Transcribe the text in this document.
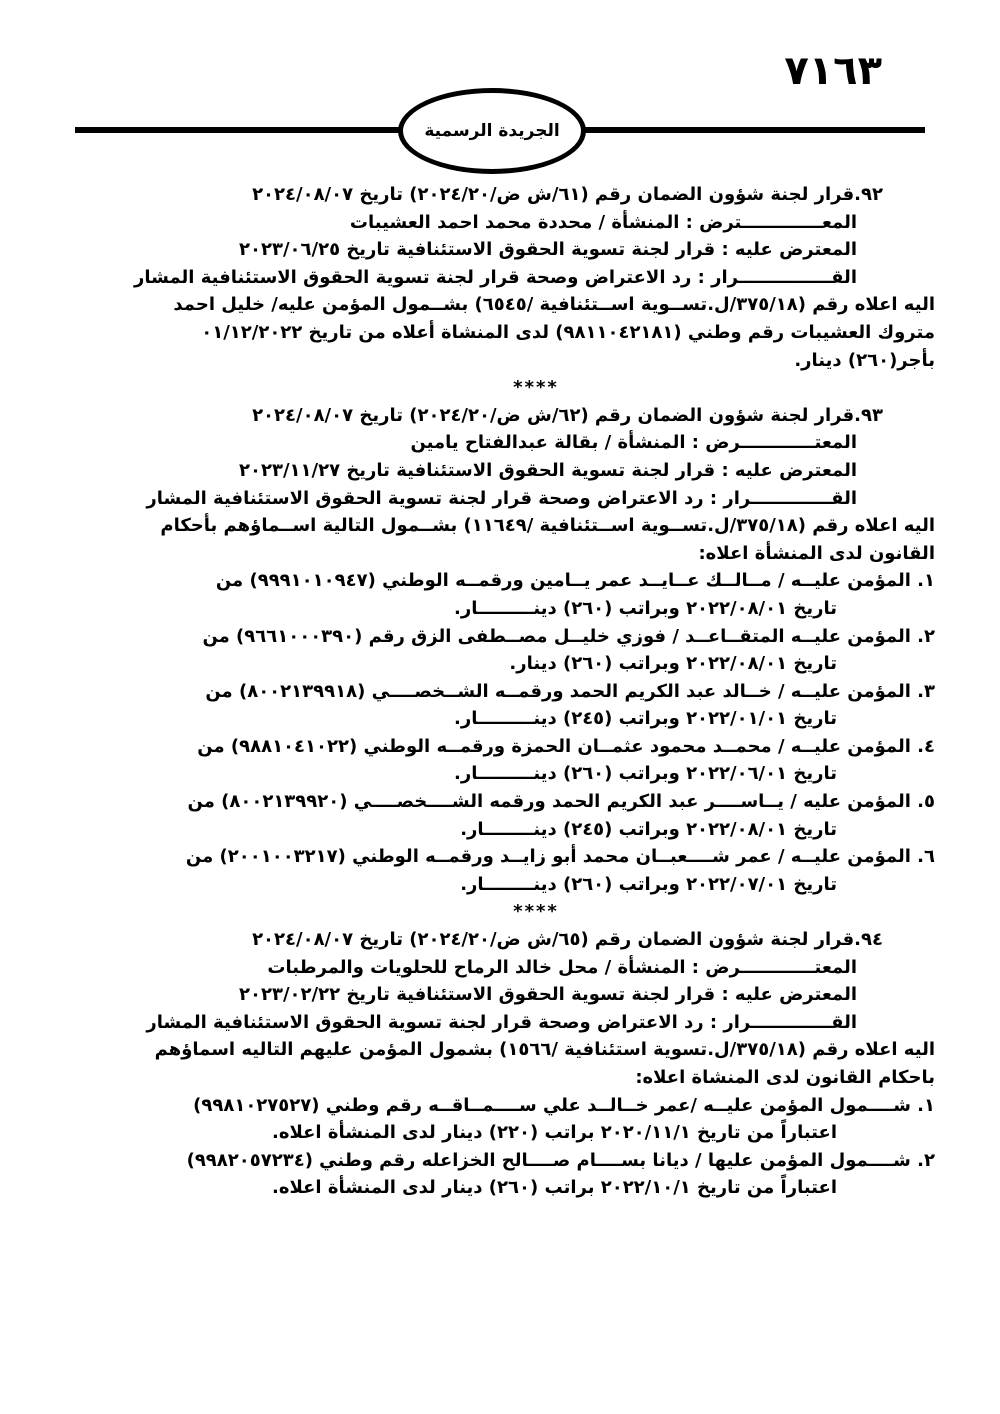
٧١٦٣
الجريدة الرسمية
٩٢.قرار لجنة شؤون الضمان رقم (٦١/ش ض/٢٠٢٤/٢٠) تاريخ ٢٠٢٤/٠٨/٠٧
المعـــــــــــــترض : المنشأة / محددة محمد احمد العشيبات
المعترض عليه : قرار لجنة تسوية الحقوق الاستئنافية تاريخ ٢٠٢٣/٠٦/٢٥
القـــــــــــــــرار : رد الاعتراض وصحة قرار لجنة تسوية الحقوق الاستئنافية المشار
اليه اعلاه رقم (٣٧٥/١٨/ل.تســوية اســتئنافية /٦٥٤٥) بشــمول المؤمن عليه/ خليل احمد
متروك العشيبات رقم وطني (٩٨١١٠٤٢١٨١) لدى المنشاة أعلاه من تاريخ ٠١/١٢/٢٠٢٢
بأجر(٢٦٠) دينار.
****
٩٣.قرار لجنة شؤون الضمان رقم (٦٢/ش ض/٢٠٢٤/٢٠) تاريخ ٢٠٢٤/٠٨/٠٧
المعتــــــــــــرض : المنشأة / بقالة عبدالفتاح يامين
المعترض عليه : قرار لجنة تسوية الحقوق الاستئنافية تاريخ ٢٠٢٣/١١/٢٧
القـــــــــــــرار : رد الاعتراض وصحة قرار لجنة تسوية الحقوق الاستئنافية المشار
اليه اعلاه رقم (٣٧٥/١٨/ل.تســوية اســتئنافية /١١٦٤٩) بشــمول التالية اســماؤهم بأحكام
القانون لدى المنشأة اعلاه:
١. المؤمن عليــه / مــالــك عــايــد عمر يــامين ورقمــه الوطني (٩٩٩١٠١٠٩٤٧) من
تاريخ ٢٠٢٢/٠٨/٠١ وبراتب (٢٦٠) دينـــــــــار.
٢. المؤمن عليــه المتقــاعــد / فوزي خليــل مصــطفى الزق رقم (٩٦٦١٠٠٠٣٩٠) من
تاريخ ٢٠٢٢/٠٨/٠١ وبراتب (٢٦٠) دينار.
٣. المؤمن عليــه / خــالد عبد الكريم الحمد ورقمــه الشــخصــــي (٨٠٠٢١٣٩٩١٨) من
تاريخ ٢٠٢٢/٠١/٠١ وبراتب (٢٤٥) دينـــــــــار.
٤. المؤمن عليــه / محمــد محمود عثمــان الحمزة ورقمــه الوطني (٩٨٨١٠٤١٠٢٢) من
تاريخ ٢٠٢٢/٠٦/٠١ وبراتب (٢٦٠) دينـــــــــار.
٥. المؤمن عليه / يــاســــر عبد الكريم الحمد ورقمه الشــــخصــــي (٨٠٠٢١٣٩٩٢٠) من
تاريخ ٢٠٢٢/٠٨/٠١ وبراتب (٢٤٥) دينــــــــار.
٦. المؤمن عليــه / عمر شــــعبــان محمد أبو زايــد ورقمــه الوطني (٢٠٠١٠٠٣٢١٧) من
تاريخ ٢٠٢٢/٠٧/٠١ وبراتب (٢٦٠) دينــــــــار.
****
٩٤.قرار لجنة شؤون الضمان رقم (٦٥/ش ض/٢٠٢٤/٢٠) تاريخ ٢٠٢٤/٠٨/٠٧
المعتــــــــــــرض : المنشأة / محل خالد الرماح للحلويات والمرطبات
المعترض عليه : قرار لجنة تسوية الحقوق الاستئنافية تاريخ ٢٠٢٣/٠٢/٢٢
القـــــــــــــرار : رد الاعتراض وصحة قرار لجنة تسوية الحقوق الاستئنافية المشار
اليه اعلاه رقم (٣٧٥/١٨/ل.تسوية استئنافية /١٥٦٦) بشمول المؤمن عليهم التاليه اسماؤهم
باحكام القانون لدى المنشاة اعلاه:
١. شــــمول المؤمن عليــه /عمر خــالــد علي ســــمــاقــه رقم وطني (٩٩٨١٠٢٧٥٢٧)
اعتباراً من تاريخ ٢٠٢٠/١١/١ براتب (٢٢٠) دينار لدى المنشأة اعلاه.
٢. شــــمول المؤمن عليها / ديانا بســــام صــــالح الخزاعله رقم وطني (٩٩٨٢٠٥٧٢٣٤)
اعتباراً من تاريخ ٢٠٢٢/١٠/١ براتب (٢٦٠) دينار لدى المنشأة اعلاه.
